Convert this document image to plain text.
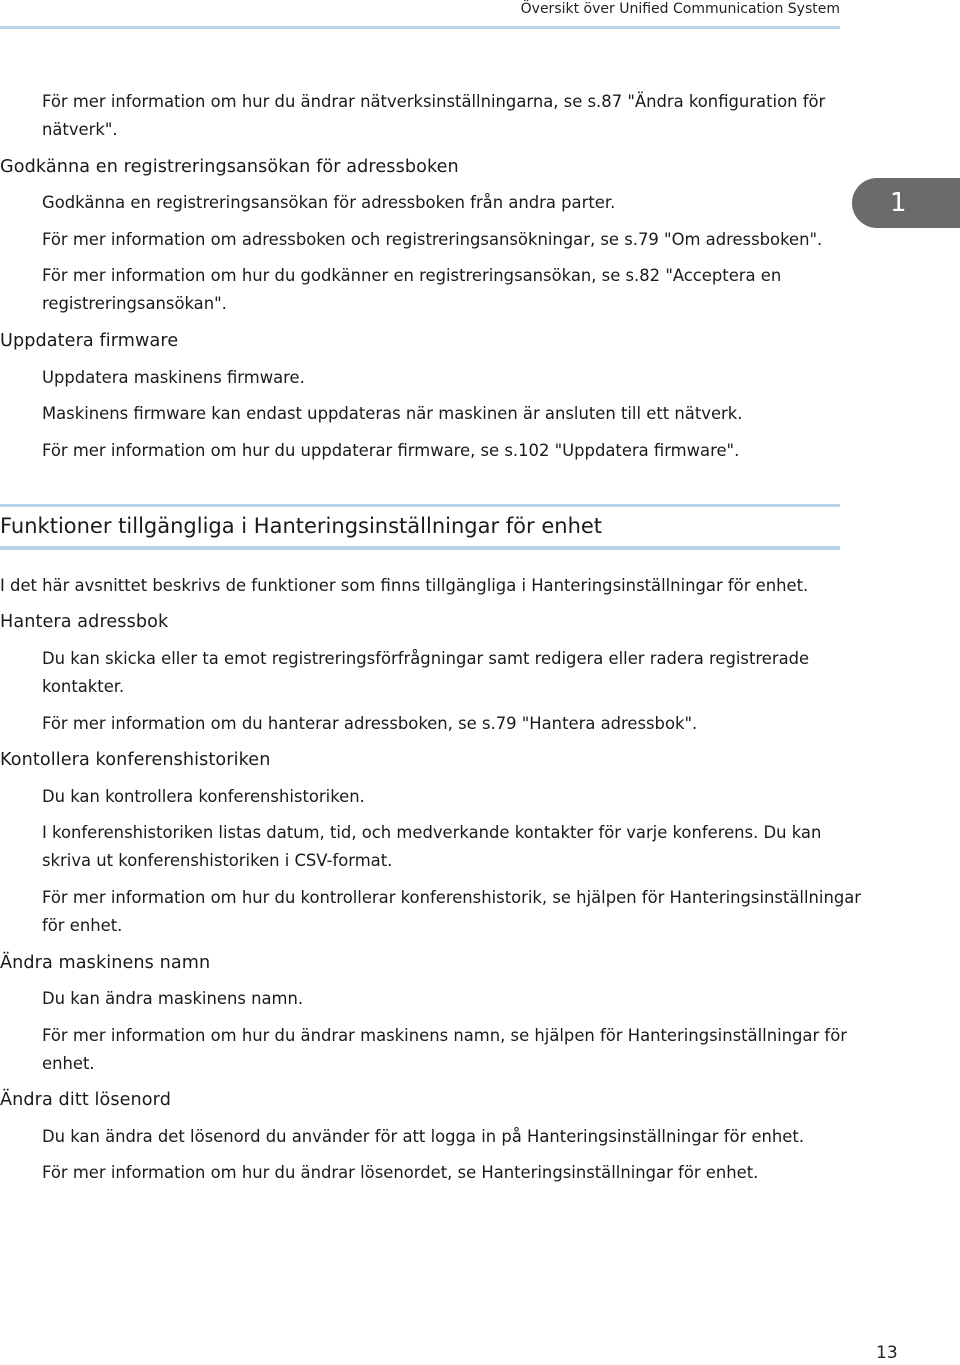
Översikt över Unified Communication System
1
För mer information om hur du ändrar nätverksinställningarna, se s.87 "Ändra konfiguration för
nätverk".
Godkänna en registreringsansökan för adressboken
Godkänna en registreringsansökan för adressboken från andra parter.
För mer information om adressboken och registreringsansökningar, se s.79 "Om adressboken".
För mer information om hur du godkänner en registreringsansökan, se s.82 "Acceptera en
registreringsansökan".
Uppdatera firmware
Uppdatera maskinens firmware.
Maskinens firmware kan endast uppdateras när maskinen är ansluten till ett nätverk.
För mer information om hur du uppdaterar firmware, se s.102 "Uppdatera firmware".
Funktioner tillgängliga i Hanteringsinställningar för enhet
I det här avsnittet beskrivs de funktioner som finns tillgängliga i Hanteringsinställningar för enhet.
Hantera adressbok
Du kan skicka eller ta emot registreringsförfrågningar samt redigera eller radera registrerade
kontakter.
För mer information om du hanterar adressboken, se s.79 "Hantera adressbok".
Kontollera konferenshistoriken
Du kan kontrollera konferenshistoriken.
I konferenshistoriken listas datum, tid, och medverkande kontakter för varje konferens. Du kan
skriva ut konferenshistoriken i CSV-format.
För mer information om hur du kontrollerar konferenshistorik, se hjälpen för Hanteringsinställningar
för enhet.
Ändra maskinens namn
Du kan ändra maskinens namn.
För mer information om hur du ändrar maskinens namn, se hjälpen för Hanteringsinställningar för
enhet.
Ändra ditt lösenord
Du kan ändra det lösenord du använder för att logga in på Hanteringsinställningar för enhet.
För mer information om hur du ändrar lösenordet, se Hanteringsinställningar för enhet.
13
